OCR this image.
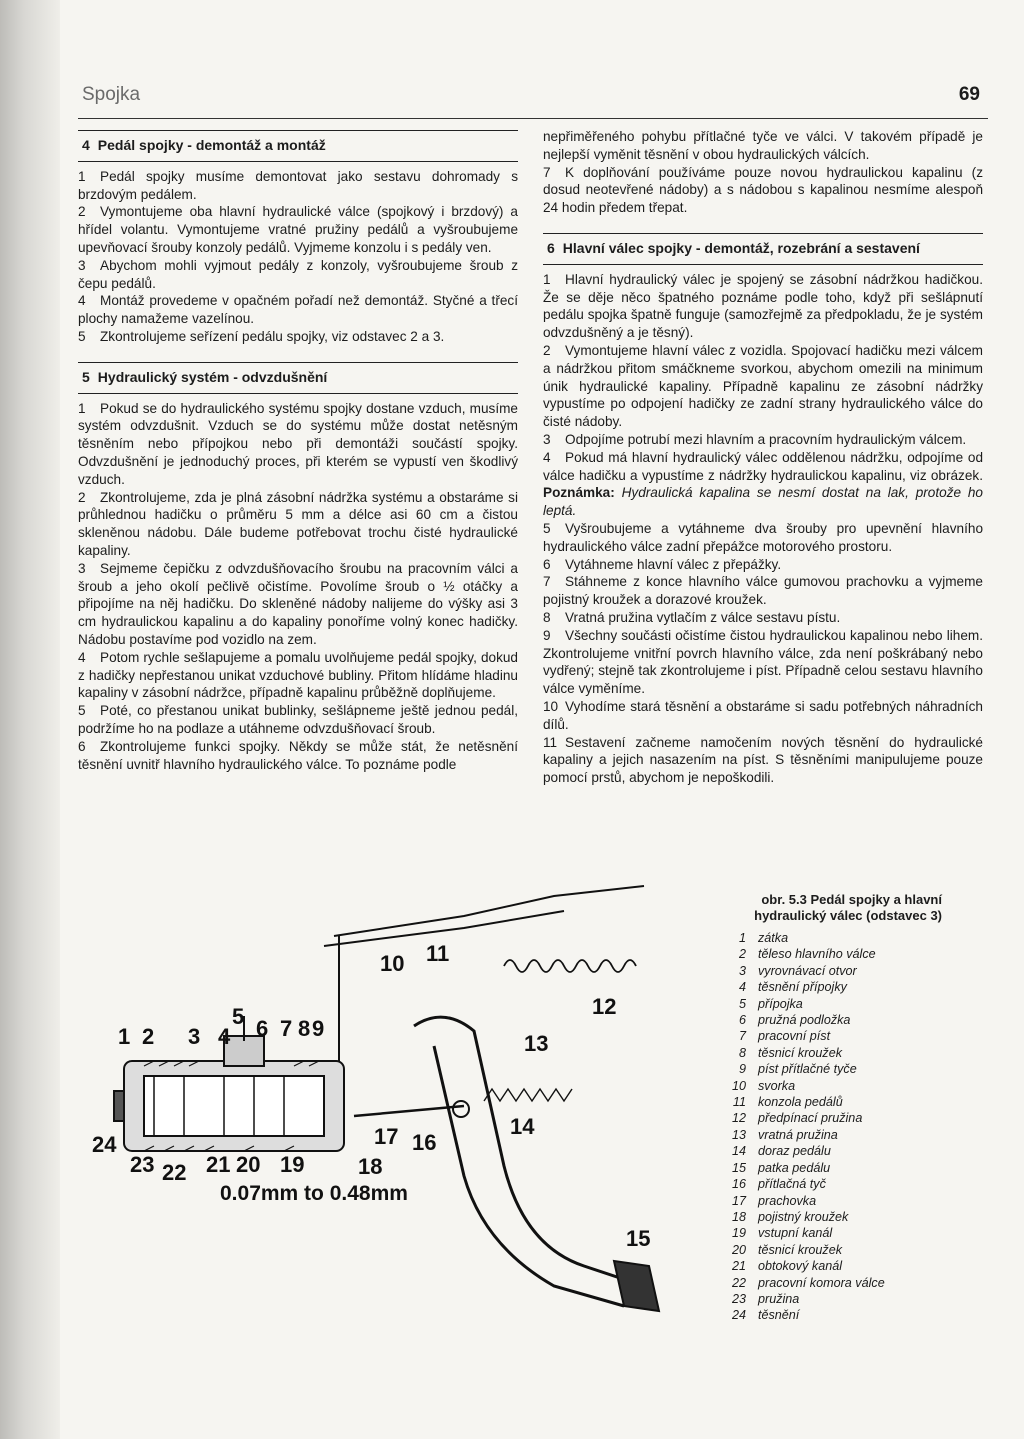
Spojka	69
4 Pedál spojky - demontáž a montáž

1 Pedál spojky musíme demontovat jako sestavu dohromady s brzdovým pedálem.

2 Vymontujeme oba hlavní hydraulické válce (spojkový i brzdový) a hřídel volantu. Vymontujeme vratné pružiny pedálů a vyšroubujeme upevňovací šrouby konzoly pedálů. Vyjmeme konzolu i s pedály ven.

3 Abychom mohli vyjmout pedály z konzoly, vyšroubujeme šroub z čepu pedálů.

4 Montáž provedeme v opačném pořadí než demontáž. Styčné a třecí plochy namažeme vazelínou.

5 Zkontrolujeme seřízení pedálu spojky, viz odstavec 2 a 3.

5 Hydraulický systém - odvzdušnění

1 Pokud se do hydraulického systému spojky dostane vzduch, musíme systém odvzdušnit. Vzduch se do systému může dostat netěsným těsněním nebo přípojkou nebo při demontáži součástí spojky. Odvzdušnění je jednoduchý proces, při kterém se vypustí ven škodlivý vzduch.

2 Zkontrolujeme, zda je plná zásobní nádržka systému a obstaráme si průhlednou hadičku o průměru 5 mm a délce asi 60 cm a čistou skleněnou nádobu. Dále budeme potřebovat trochu čisté hydraulické kapaliny.

3 Sejmeme čepičku z odvzdušňovacího šroubu na pracovním válci a šroub a jeho okolí pečlivě očistíme. Povolíme šroub o ½ otáčky a připojíme na něj hadičku. Do skleněné nádoby nalijeme do výšky asi 3 cm hydraulickou kapalinu a do kapaliny ponoříme volný konec hadičky. Nádobu postavíme pod vozidlo na zem.

4 Potom rychle sešlapujeme a pomalu uvolňujeme pedál spojky, dokud z hadičky nepřestanou unikat vzduchové bubliny. Přitom hlídáme hladinu kapaliny v zásobní nádržce, případně kapalinu průběžně doplňujeme.

5 Poté, co přestanou unikat bublinky, sešlápneme ještě jednou pedál, podržíme ho na podlaze a utáhneme odvzdušňovací šroub.

6 Zkontrolujeme funkci spojky. Někdy se může stát, že netěsnění těsnění uvnitř hlavního hydraulického válce. To poznáme podle

nepřiměřeného pohybu přítlačné tyče ve válci. V takovém případě je nejlepší vyměnit těsnění v obou hydraulických válcích.

7 K doplňování používáme pouze novou hydraulickou kapalinu (z dosud neotevřené nádoby) a s nádobou s kapalinou nesmíme alespoň 24 hodin předem třepat.

6 Hlavní válec spojky - demontáž, rozebrání a sestavení

1 Hlavní hydraulický válec je spojený se zásobní nádržkou hadičkou. Že se děje něco špatného poznáme podle toho, když při sešlápnutí pedálu spojka špatně funguje (samozřejmě za předpokladu, že je systém odvzdušněný a je těsný).

2 Vymontujeme hlavní válec z vozidla. Spojovací hadičku mezi válcem a nádržkou přitom smáčkneme svorkou, abychom omezili na minimum únik hydraulické kapaliny. Případně kapalinu ze zásobní nádržky vypustíme po odpojení hadičky ze zadní strany hydraulického válce do čisté nádoby.

3 Odpojíme potrubí mezi hlavním a pracovním hydraulickým válcem.

4 Pokud má hlavní hydraulický válec oddělenou nádržku, odpojíme od válce hadičku a vypustíme z nádržky hydraulickou kapalinu, viz obrázek. Poznámka: Hydraulická kapalina se nesmí dostat na lak, protože ho leptá.

5 Vyšroubujeme a vytáhneme dva šrouby pro upevnění hlavního hydraulického válce zadní přepážce motorového prostoru.

6 Vytáhneme hlavní válec z přepážky.

7 Stáhneme z konce hlavního válce gumovou prachovku a vyjmeme pojistný kroužek a dorazové kroužek.

8 Vratná pružina vytlačím z válce sestavu pístu.

9 Všechny součásti očistíme čistou hydraulickou kapalinou nebo lihem. Zkontrolujeme vnitřní povrch hlavního válce, zda není poškrábaný nebo vydřený; stejně tak zkontrolujeme i píst. Případně celou sestavu hlavního válce vyměníme.

10 Vyhodíme stará těsnění a obstaráme si sadu potřebných náhradních dílů.

11 Sestavení začneme namočením nových těsnění do hydraulické kapaliny a jejich nasazením na píst. S těsněními manipulujeme pouze pomocí prstů, abychom je nepoškodili.

1 2 3 4
5 6 7 8 9
10 11
12
13
14
15
16
17
18
19
20
21
22
23
24
0.07mm to 0.48mm
obr. 5.3 Pedál spojky a hlavní hydraulický válec (odstavec 3)
1 zátka
2 těleso hlavního válce
3 vyrovnávací otvor
4 těsnění přípojky
5 přípojka
6 pružná podložka
7 pracovní píst
8 těsnicí kroužek
9 píst přítlačné tyče
10 svorka
11 konzola pedálů
12 předpínací pružina
13 vratná pružina
14 doraz pedálu
15 patka pedálu
16 přítlačná tyč
17 prachovka
18 pojistný kroužek
19 vstupní kanál
20 těsnicí kroužek
21 obtokový kanál
22 pracovní komora válce
23 pružina
24 těsnění
